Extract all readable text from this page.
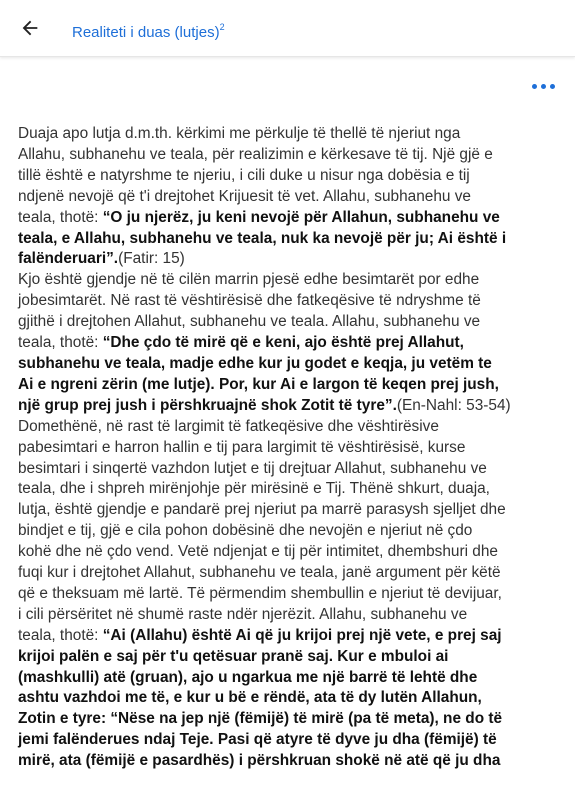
Realiteti i duas (lutjes)$^2$
Duaja apo lutja d.m.th. kërkimi me përkulje të thellë të njeriut nga
Allahu, subhanehu ve teala, për realizimin e kërkesave të tij. Një gjë e
tillë është e natyrshme te njeriu, i cili duke u nisur nga dobësia e tij
ndjenë nevojë që t'i drejtohet Krijuesit të vet. Allahu, subhanehu ve
teala, thotë: “O ju njerëz, ju keni nevojë për Allahun, subhanehu ve
teala, e Allahu, subhanehu ve teala, nuk ka nevojë për ju; Ai është i
falënderuari”.(Fatir: 15)
Kjo është gjendje në të cilën marrin pjesë edhe besimtarët por edhe
jobesimtarët. Në rast të vështirësisë dhe fatkeqësive të ndryshme të
gjithë i drejtohen Allahut, subhanehu ve teala. Allahu, subhanehu ve
teala, thotë: “Dhe çdo të mirë që e keni, ajo është prej Allahut,
subhanehu ve teala, madje edhe kur ju godet e keqja, ju vetëm te
Ai e ngreni zërin (me lutje). Por, kur Ai e largon të keqen prej jush,
një grup prej jush i përshkruajnë shok Zotit të tyre”.(En-Nahl: 53-54)
Domethënë, në rast të largimit të fatkeqësive dhe vështirësive
pabesimtari e harron hallin e tij para largimit të vështirësisë, kurse
besimtari i sinqertë vazhdon lutjet e tij drejtuar Allahut, subhanehu ve
teala, dhe i shpreh mirënjohje për mirësinë e Tij. Thënë shkurt, duaja,
lutja, është gjendje e pandarë prej njeriut pa marrë parasysh sjelljet dhe
bindjet e tij, gjë e cila pohon dobësinë dhe nevojën e njeriut në çdo
kohë dhe në çdo vend. Vetë ndjenjat e tij për intimitet, dhembshuri dhe
fuqi kur i drejtohet Allahut, subhanehu ve teala, janë argument për këtë
që e theksuam më lartë. Të përmendim shembullin e njeriut të devijuar,
i cili përsëritet në shumë raste ndër njerëzit. Allahu, subhanehu ve
teala, thotë: “Ai (Allahu) është Ai që ju krijoi prej një vete, e prej saj
krijoi palën e saj për t'u qetësuar pranë saj. Kur e mbuloi ai
(mashkulli) atë (gruan), ajo u ngarkua me një barrë të lehtë dhe
ashtu vazhdoi me të, e kur u bë e rëndë, ata të dy lutën Allahun,
Zotin e tyre: “Nëse na jep një (fëmijë) të mirë (pa të meta), ne do të
jemi falënderues ndaj Teje. Pasi që atyre të dyve ju dha (fëmijë) të
mirë, ata (fëmijë e pasardhës) i përshkruan shokë në atë që ju dha
